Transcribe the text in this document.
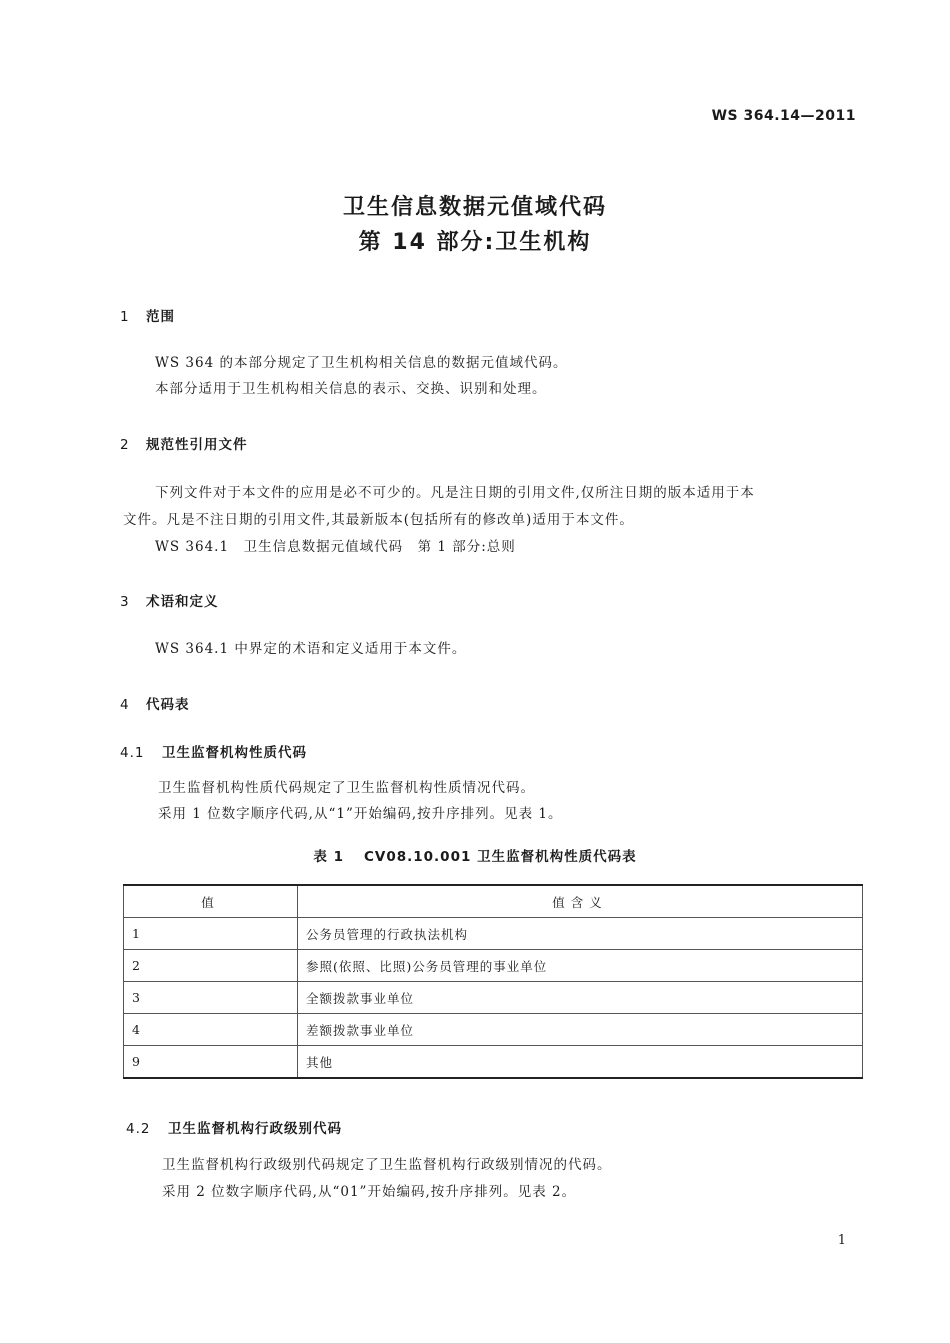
WS 364.14—2011
卫生信息数据元值域代码
第 14 部分:卫生机构
1 范围

WS 364 的本部分规定了卫生机构相关信息的数据元值域代码。

本部分适用于卫生机构相关信息的表示、交换、识别和处理。

2 规范性引用文件

下列文件对于本文件的应用是必不可少的。凡是注日期的引用文件,仅所注日期的版本适用于本

文件。凡是不注日期的引用文件,其最新版本(包括所有的修改单)适用于本文件。

WS 364.1　卫生信息数据元值域代码　第 1 部分:总则

3 术语和定义

WS 364.1 中界定的术语和定义适用于本文件。

4 代码表
4.1 卫生监督机构性质代码

卫生监督机构性质代码规定了卫生监督机构性质情况代码。

采用 1 位数字顺序代码,从“1”开始编码,按升序排列。见表 1。

表 1 CV08.10.001 卫生监督机构性质代码表
值	值含义
1	公务员管理的行政执法机构
2	参照(依照、比照)公务员管理的事业单位
3	全额拨款事业单位
4	差额拨款事业单位
9	其他
4.2 卫生监督机构行政级别代码

卫生监督机构行政级别代码规定了卫生监督机构行政级别情况的代码。

采用 2 位数字顺序代码,从“01”开始编码,按升序排列。见表 2。

1
